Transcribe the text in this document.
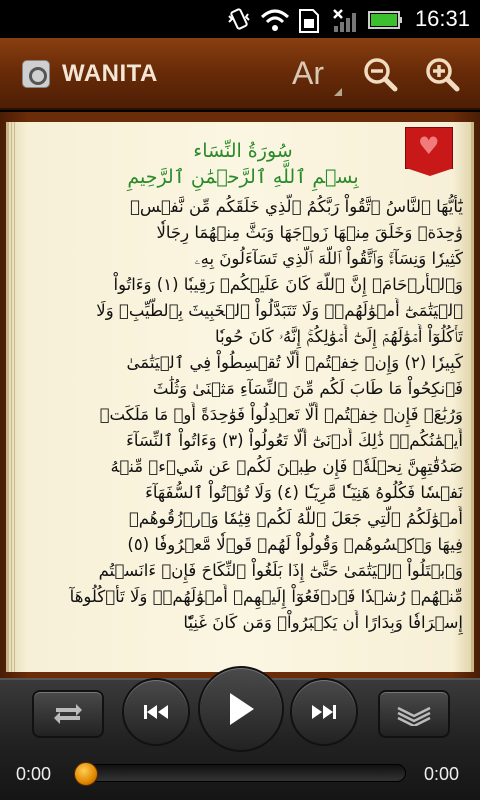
16:31
WANITA	Ar
♥
سُورَةُ النِّسَاء
بِسۡمِ ٱللَّهِ ٱلرَّحۡمَٰنِ ٱلرَّحِيمِ
يَٰٓأَيُّهَا ٱلنَّاسُ ٱتَّقُواْ رَبَّكُمُ ٱلَّذِي خَلَقَكُم مِّن نَّفۡسٖ
وَٰحِدَةٖ وَخَلَقَ مِنۡهَا زَوۡجَهَا وَبَثَّ مِنۡهُمَا رِجَالٗا
كَثِيرٗا وَنِسَآءٗۚ وَٱتَّقُواْ ٱللَّهَ ٱلَّذِي تَسَآءَلُونَ بِهِۦ
وَٱلۡأَرۡحَامَۚ إِنَّ ٱللَّهَ كَانَ عَلَيۡكُمۡ رَقِيبٗا (١) وَءَاتُواْ
ٱلۡيَتَٰمَىٰٓ أَمۡوَٰلَهُمۡۖ وَلَا تَتَبَدَّلُواْ ٱلۡخَبِيثَ بِٱلطَّيِّبِۖ وَلَا
تَأۡكُلُوٓاْ أَمۡوَٰلَهُمۡ إِلَىٰٓ أَمۡوَٰلِكُمۡۚ إِنَّهُۥ كَانَ حُوبٗا
كَبِيرٗا (٢) وَإِنۡ خِفۡتُمۡ أَلَّا تُقۡسِطُواْ فِي ٱلۡيَتَٰمَىٰ
فَٱنكِحُواْ مَا طَابَ لَكُم مِّنَ ٱلنِّسَآءِ مَثۡنَىٰ وَثُلَٰثَ
وَرُبَٰعَۖ فَإِنۡ خِفۡتُمۡ أَلَّا تَعۡدِلُواْ فَوَٰحِدَةً أَوۡ مَا مَلَكَتۡ
أَيۡمَٰنُكُمۡۚ ذَٰلِكَ أَدۡنَىٰٓ أَلَّا تَعُولُواْ (٣) وَءَاتُواْ ٱلنِّسَآءَ
صَدُقَٰتِهِنَّ نِحۡلَةٗۚ فَإِن طِبۡنَ لَكُمۡ عَن شَيۡءٖ مِّنۡهُ
نَفۡسٗا فَكُلُوهُ هَنِيٓـٔٗا مَّرِيٓـٔٗا (٤) وَلَا تُؤۡتُواْ ٱلسُّفَهَآءَ
أَمۡوَٰلَكُمُ ٱلَّتِي جَعَلَ ٱللَّهُ لَكُمۡ قِيَٰمٗا وَٱرۡزُقُوهُمۡ
فِيهَا وَٱكۡسُوهُمۡ وَقُولُواْ لَهُمۡ قَوۡلٗا مَّعۡرُوفٗا (٥)
وَٱبۡتَلُواْ ٱلۡيَتَٰمَىٰ حَتَّىٰٓ إِذَا بَلَغُواْ ٱلنِّكَاحَ فَإِنۡ ءَانَسۡتُم
مِّنۡهُمۡ رُشۡدٗا فَٱدۡفَعُوٓاْ إِلَيۡهِمۡ أَمۡوَٰلَهُمۡۖ وَلَا تَأۡكُلُوهَآ
إِسۡرَافٗا وَبِدَارًا أَن يَكۡبَرُواْۚ وَمَن كَانَ غَنِيّٗا
0:00	0:00
